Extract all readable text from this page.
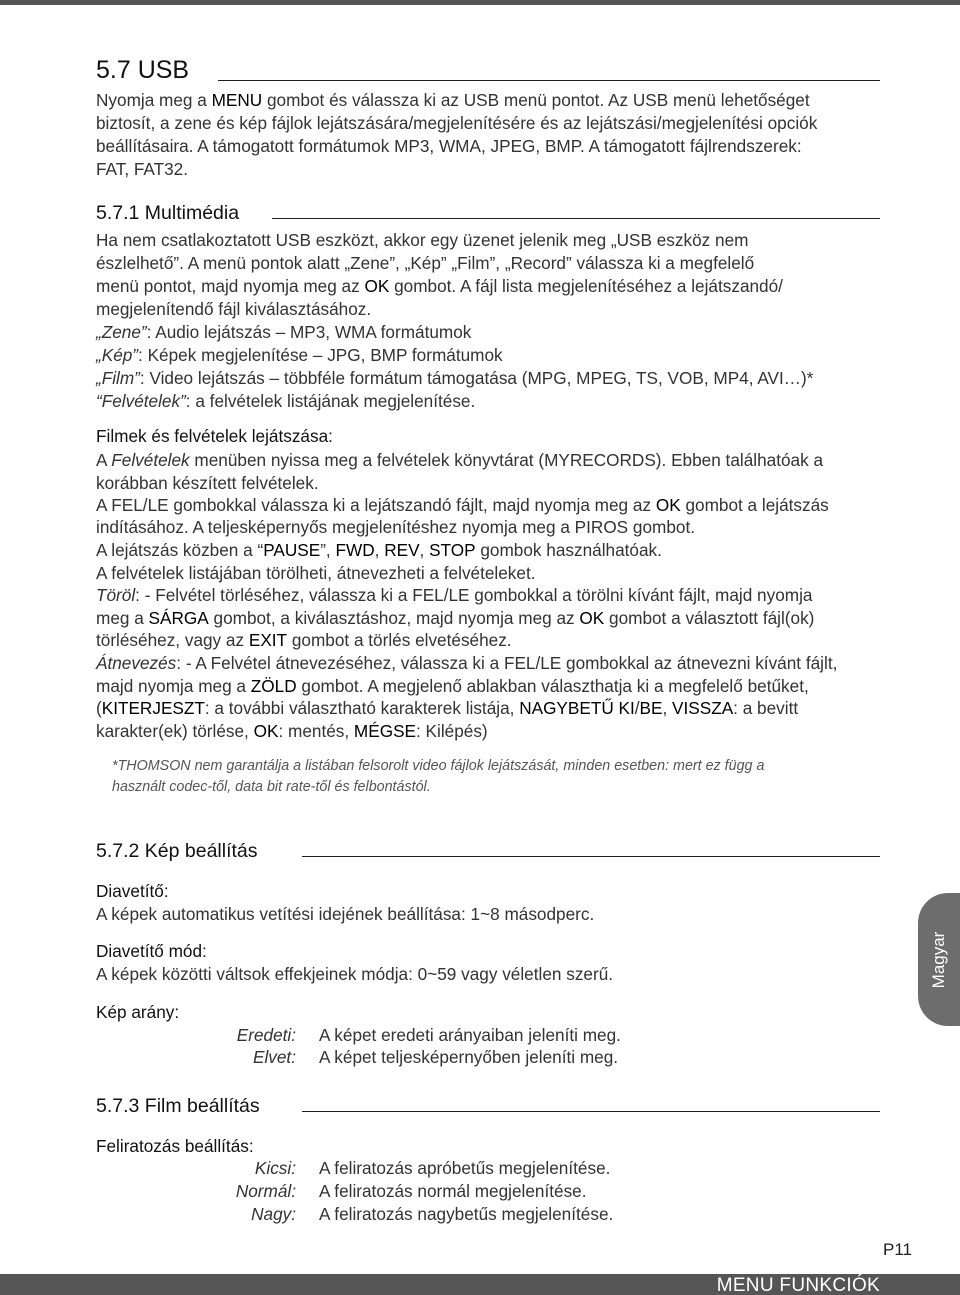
5.7 USB
Nyomja meg a MENU gombot és válassza ki az USB menü pontot. Az USB menü lehetőséget
biztosít, a zene és kép fájlok lejátszására/megjelenítésére és az lejátszási/megjelenítési opciók
beállításaira. A támogatott formátumok MP3, WMA, JPEG, BMP. A támogatott fájlrendszerek:
FAT, FAT32.
5.7.1 Multimédia
Ha nem csatlakoztatott USB eszközt, akkor egy üzenet jelenik meg „USB eszköz nem
észlelhető”. A menü pontok alatt „Zene”, „Kép” „Film”, „Record” válassza ki a megfelelő
menü pontot, majd nyomja meg az OK gombot. A fájl lista megjelenítéséhez a lejátszandó/
megjelenítendő fájl kiválasztásához.
„Zene”: Audio lejátszás – MP3, WMA formátumok
„Kép”: Képek megjelenítése – JPG, BMP formátumok
„Film”: Video lejátszás – többféle formátum támogatása (MPG, MPEG, TS, VOB, MP4, AVI…)*
“Felvételek”: a felvételek listájának megjelenítése.
Filmek és felvételek lejátszása:
A Felvételek menüben nyissa meg a felvételek könyvtárat (MYRECORDS). Ebben találhatóak a
korábban készített felvételek.
A FEL/LE gombokkal válassza ki a lejátszandó fájlt, majd nyomja meg az OK gombot a lejátszás
indításához. A teljesképernyős megjelenítéshez nyomja meg a PIROS gombot.
A lejátszás közben a “PAUSE”, FWD, REV, STOP gombok használhatóak.
A felvételek listájában törölheti, átnevezheti a felvételeket.
Töröl: - Felvétel törléséhez, válassza ki a FEL/LE gombokkal a törölni kívánt fájlt, majd nyomja
meg a SÁRGA gombot, a kiválasztáshoz, majd nyomja meg az OK gombot a választott fájl(ok)
törléséhez, vagy az EXIT gombot a törlés elvetéséhez.
Átnevezés: - A Felvétel átnevezéséhez, válassza ki a FEL/LE gombokkal az átnevezni kívánt fájlt,
majd nyomja meg a ZÖLD gombot. A megjelenő ablakban választhatja ki a megfelelő betűket,
(KITERJESZT: a további választható karakterek listája, NAGYBETŰ KI/BE, VISSZA: a bevitt
karakter(ek) törlése, OK: mentés, MÉGSE: Kilépés)
*THOMSON nem garantálja a listában felsorolt video fájlok lejátszását, minden esetben: mert ez függ a
használt codec-től, data bit rate-től és felbontástól.
5.7.2 Kép beállítás
Diavetítő:
A képek automatikus vetítési idejének beállítása: 1~8 másodperc.
Diavetítő mód:
A képek közötti váltsok effekjeinek módja: 0~59 vagy véletlen szerű.
Kép arány:
Eredeti: A képet eredeti arányaiban jeleníti meg.
Elvet: A képet teljesképernyőben jeleníti meg.
5.7.3 Film beállítás
Feliratozás beállítás:
Kicsi: A feliratozás apróbetűs megjelenítése.
Normál: A feliratozás normál megjelenítése.
Nagy: A feliratozás nagybetűs megjelenítése.
Magyar
P11
MENU FUNKCIÓK
